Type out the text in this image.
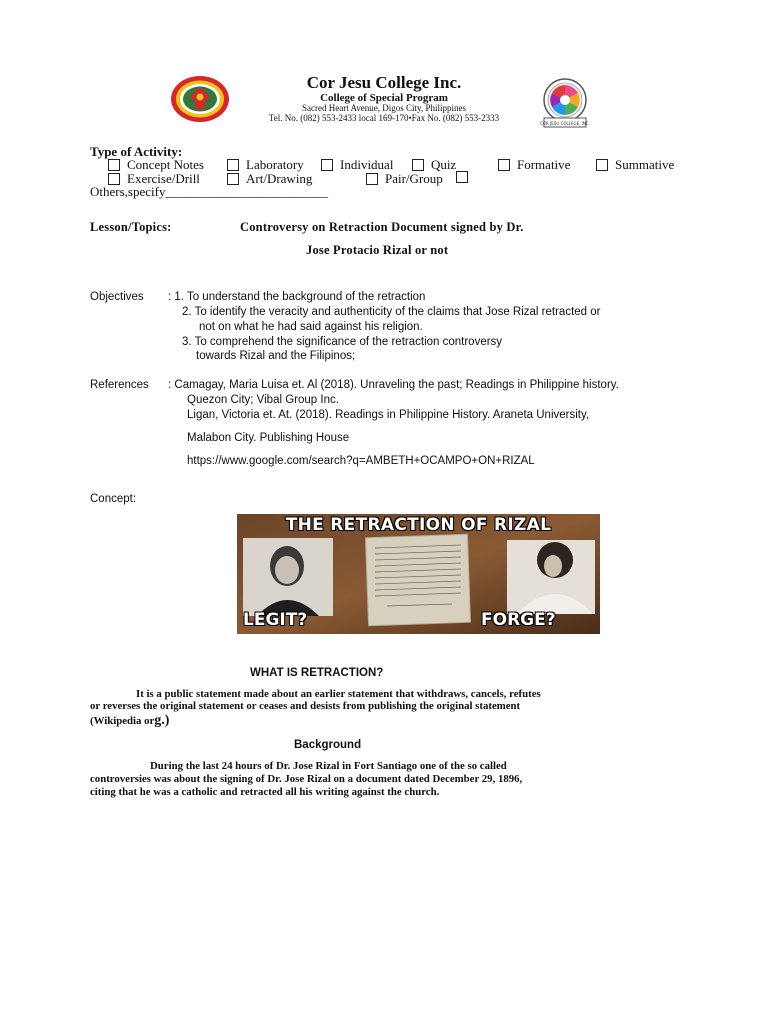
Cor Jesu College Inc.
College of Special Program
Sacred Heart Avenue, Digos City, Philippines
Tel. No. (082) 553-2433 local 169-170•Fax No. (082) 553-2333
COR JESU COLLEGE, INC.
Type of Activity:
Concept Notes	Laboratory	Individual	Quiz	Formative	Summative
Exercise/Drill	Art/Drawing	Pair/Group
Others,specify_________________________
Lesson/Topics:	Controversy on Retraction Document signed by Dr.
Jose Protacio Rizal or not
Objectives : 1. To understand the background of the retraction
2. To identify the veracity and authenticity of the claims that Jose Rizal retracted or
not on what he had said against his religion.
3. To comprehend the significance of the retraction controversy
towards Rizal and the Filipinos;
References : Camagay, Maria Luisa et. Al (2018). Unraveling the past; Readings in Philippine history.
Quezon City; Vibal Group Inc.
Ligan, Victoria et. At. (2018). Readings in Philippine History. Araneta University,
Malabon City. Publishing House
https://www.google.com/search?q=AMBETH+OCAMPO+ON+RIZAL
Concept:
THE RETRACTION OF RIZAL
LEGIT?	FORGE?
WHAT IS RETRACTION?
It is a public statement made about an earlier statement that withdraws, cancels, refutes
or reverses the original statement or ceases and desists from publishing the original statement
(Wikipedia org.)
Background
During the last 24 hours of Dr. Jose Rizal in Fort Santiago one of the so called
controversies was about the signing of Dr. Jose Rizal on a document dated December 29, 1896,
citing that he was a catholic and retracted all his writing against the church.
